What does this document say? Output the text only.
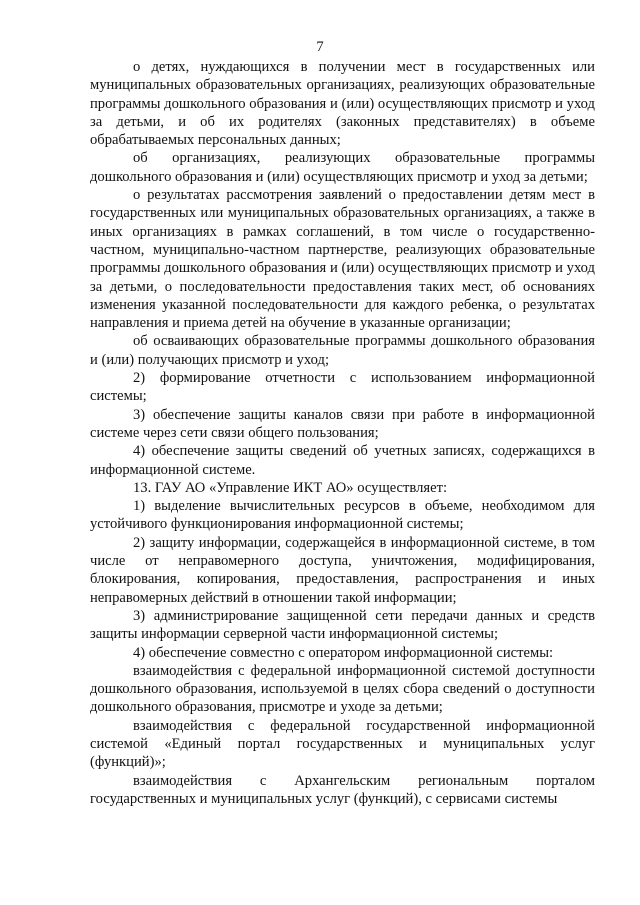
7

о детях, нуждающихся в получении мест в государственных или муниципальных образовательных организациях, реализующих образовательные программы дошкольного образования и (или) осуществляющих присмотр и уход за детьми, и об их родителях (законных представителях) в объеме обрабатываемых персональных данных;

об организациях, реализующих образовательные программы дошкольного образования и (или) осуществляющих присмотр и уход за детьми;

о результатах рассмотрения заявлений о предоставлении детям мест в государственных или муниципальных образовательных организациях, а также в иных организациях в рамках соглашений, в том числе о государственно-частном, муниципально-частном партнерстве, реализующих образовательные программы дошкольного образования и (или) осуществляющих присмотр и уход за детьми, о последовательности предоставления таких мест, об основаниях изменения указанной последовательности для каждого ребенка, о результатах направления и приема детей на обучение в указанные организации;

об осваивающих образовательные программы дошкольного образования и (или) получающих присмотр и уход;

2) формирование отчетности с использованием информационной системы;

3) обеспечение защиты каналов связи при работе в информационной системе через сети связи общего пользования;

4) обеспечение защиты сведений об учетных записях, содержащихся в информационной системе.

13. ГАУ АО «Управление ИКТ АО» осуществляет:

1) выделение вычислительных ресурсов в объеме, необходимом для устойчивого функционирования информационной системы;

2) защиту информации, содержащейся в информационной системе, в том числе от неправомерного доступа, уничтожения, модифицирования, блокирования, копирования, предоставления, распространения и иных неправомерных действий в отношении такой информации;

3) администрирование защищенной сети передачи данных и средств защиты информации серверной части информационной системы;

4) обеспечение совместно с оператором информационной системы:

взаимодействия с федеральной информационной системой доступности дошкольного образования, используемой в целях сбора сведений о доступности дошкольного образования, присмотре и уходе за детьми;

взаимодействия с федеральной государственной информационной системой «Единый портал государственных и муниципальных услуг (функций)»;

взаимодействия с Архангельским региональным порталом государственных и муниципальных услуг (функций), с сервисами системы
